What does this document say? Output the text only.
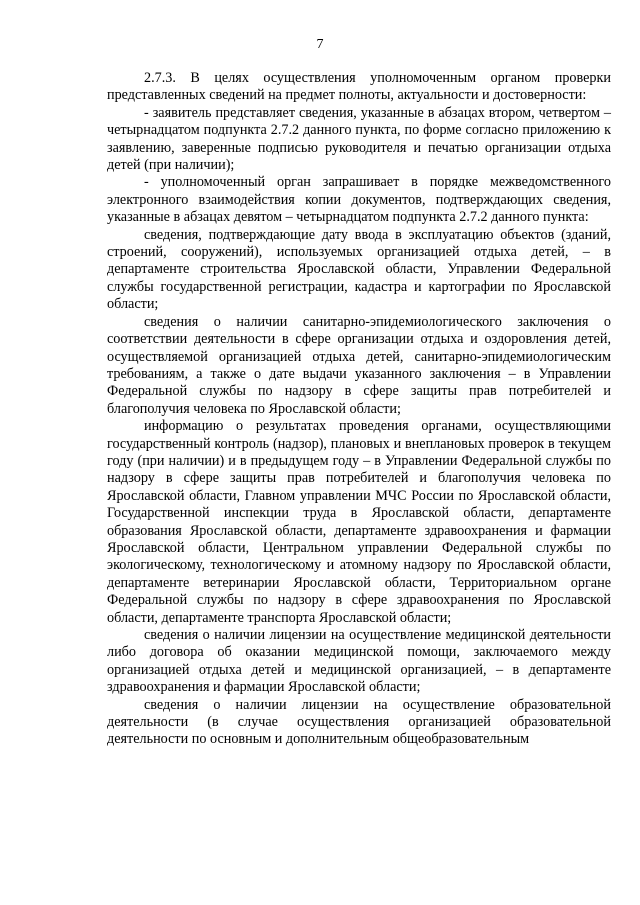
7

2.7.3. В целях осуществления уполномоченным органом проверки представленных сведений на предмет полноты, актуальности и достоверности:

- заявитель представляет сведения, указанные в абзацах втором, четвертом – четырнадцатом подпункта 2.7.2 данного пункта, по форме согласно приложению к заявлению, заверенные подписью руководителя и печатью организации отдыха детей (при наличии);

- уполномоченный орган запрашивает в порядке межведомственного электронного взаимодействия копии документов, подтверждающих сведения, указанные в абзацах девятом – четырнадцатом подпункта 2.7.2 данного пункта:

сведения, подтверждающие дату ввода в эксплуатацию объектов (зданий, строений, сооружений), используемых организацией отдыха детей, – в департаменте строительства Ярославской области, Управлении Федеральной службы государственной регистрации, кадастра и картографии по Ярославской области;

сведения о наличии санитарно-эпидемиологического заключения о соответствии деятельности в сфере организации отдыха и оздоровления детей, осуществляемой организацией отдыха детей, санитарно-эпидемиологическим требованиям, а также о дате выдачи указанного заключения – в Управлении Федеральной службы по надзору в сфере защиты прав потребителей и благополучия человека по Ярославской области;

информацию о результатах проведения органами, осуществляющими государственный контроль (надзор), плановых и внеплановых проверок в текущем году (при наличии) и в предыдущем году – в Управлении Федеральной службы по надзору в сфере защиты прав потребителей и благополучия человека по Ярославской области, Главном управлении МЧС России по Ярославской области, Государственной инспекции труда в Ярославской области, департаменте образования Ярославской области, департаменте здравоохранения и фармации Ярославской области, Центральном управлении Федеральной службы по экологическому, технологическому и атомному надзору по Ярославской области, департаменте ветеринарии Ярославской области, Территориальном органе Федеральной службы по надзору в сфере здравоохранения по Ярославской области, департаменте транспорта Ярославской области;

сведения о наличии лицензии на осуществление медицинской деятельности либо договора об оказании медицинской помощи, заключаемого между организацией отдыха детей и медицинской организацией, – в департаменте здравоохранения и фармации Ярославской области;

сведения о наличии лицензии на осуществление образовательной деятельности (в случае осуществления организацией образовательной деятельности по основным и дополнительным общеобразовательным
